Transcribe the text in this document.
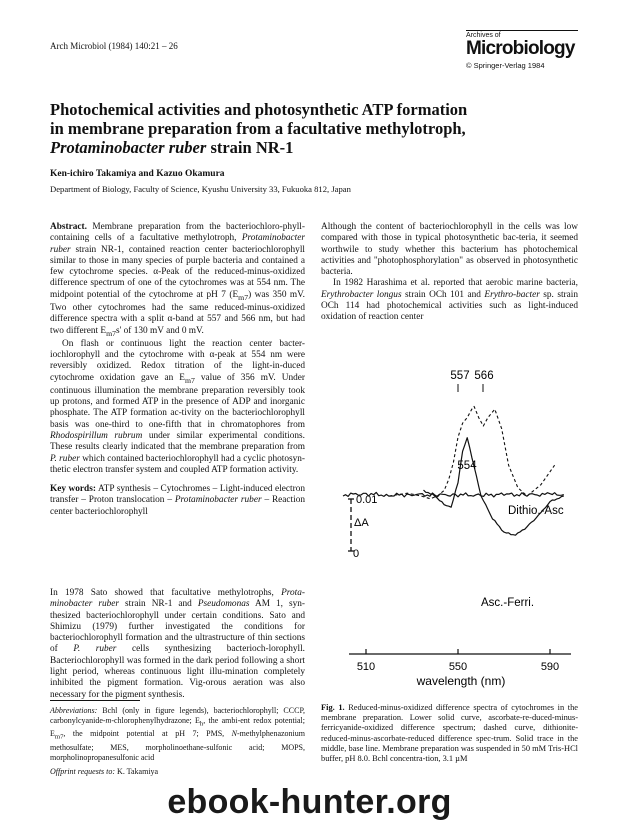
Arch Microbiol (1984) 140:21 – 26
Archives of
Microbiology
© Springer-Verlag 1984
Photochemical activities and photosynthetic ATP formation
in membrane preparation from a facultative methylotroph,
Protaminobacter ruber strain NR-1
Ken-ichiro Takamiya and Kazuo Okamura
Department of Biology, Faculty of Science, Kyushu University 33, Fukuoka 812, Japan

Abstract. Membrane preparation from the bacteriochloro-phyll-containing cells of a facultative methylotroph, Protaminobacter ruber strain NR-1, contained reaction center bacteriochlorophyll similar to those in many species of purple bacteria and contained a few cytochrome species. α-Peak of the reduced-minus-oxidized difference spectrum of one of the cytochromes was at 554 nm. The midpoint potential of the cytochrome at pH 7 $(E_{m7})$ was 350 mV. Two other cytochromes had the same reduced-minus-oxidized difference spectra with a split α-band at 557 and 566 nm, but had two different $E_{m7}s'$ of 130 mV and 0 mV.

On flash or continuous light the reaction center bacter-iochlorophyll and the cytochrome with α-peak at 554 nm were reversibly oxidized. Redox titration of the light-in-duced cytochrome oxidation gave an $E_{m7}$ value of 356 mV. Under continuous illumination the membrane preparation reversibly took up protons, and formed ATP in the presence of ADP and inorganic phosphate. The ATP formation ac-tivity on the bacteriochlorophyll basis was one-third to one-fifth that in chromatophores from Rhodospirillum rubrum under similar experimental conditions. These results clearly indicated that the membrane preparation from P. ruber which contained bacteriochlorophyll had a cyclic photosyn-thetic electron transfer system and coupled ATP formation activity.

Key words: ATP synthesis – Cytochromes – Light-induced electron transfer – Proton translocation – Protaminobacter ruber – Reaction center bacteriochlorophyll

In 1978 Sato showed that facultative methylotrophs, Prota-minobacter ruber strain NR-1 and Pseudomonas AM 1, syn-thesized bacteriochlorophyll under certain conditions. Sato and Shimizu (1979) further investigated the conditions for bacteriochlorophyll formation and the ultrastructure of thin sections of P. ruber cells synthesizing bacterioch-lorophyll. Bacteriochlorophyll was formed in the dark period following a short light period, whereas continuous light illu-mination completely inhibited the pigment formation. Vig-orous aeration was also necessary for the pigment synthesis.

Abbreviations: Bchl (only in figure legends), bacteriochlorophyll; CCCP, carbonylcyanide-m-chlorophenylhydrazone; $E_h$, the ambi-ent redox potential; $E_{m7}$, the midpoint potential at pH 7; PMS, N-methylphenazonium methosulfate; MES, morpholinoethane-sulfonic acid; MOPS, morpholinopropanesulfonic acid

Offprint requests to: K. Takamiya

Although the content of bacteriochlorophyll in the cells was low compared with those in typical photosynthetic bac-teria, it seemed worthwile to study whether this bacterium has photochemical activities and "photophosphorylation" as observed in photosynthetic bacteria.

In 1982 Harashima et al. reported that aerobic marine bacteria, Erythrobacter longus strain OCh 101 and Erythro-bacter sp. strain OCh 114 had photochemical activities such as light-induced oxidation of reaction center

510	550	590
wavelength (nm)
0.01
ΔA
0
557 566
554
Dithio.-Asc
Asc.-Ferri.
Fig. 1. Reduced-minus-oxidized difference spectra of cytochromes in the membrane preparation. Lower solid curve, ascorbate-re-duced-minus-ferricyanide-oxidized difference spectrum; dashed curve, dithionite-reduced-minus-ascorbate-reduced difference spec-trum. Solid trace in the middle, base line. Membrane preparation was suspended in 50 mM Tris-HCl buffer, pH 8.0. Bchl concentra-tion, 3.1 µM
ebook-hunter.org
